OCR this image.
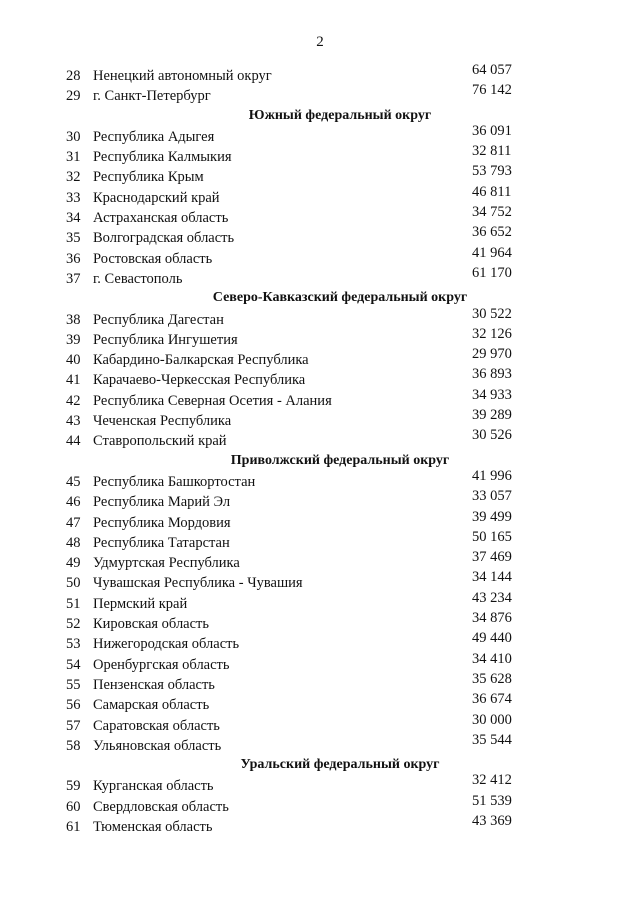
2
28 Ненецкий автономный округ	64 057
29 г. Санкт-Петербург	76 142
Южный федеральный округ
30 Республика Адыгея	36 091
31 Республика Калмыкия	32 811
32 Республика Крым	53 793
33 Краснодарский край	46 811
34 Астраханская область	34 752
35 Волгоградская область	36 652
36 Ростовская область	41 964
37 г. Севастополь	61 170
Северо-Кавказский федеральный округ
38 Республика Дагестан	30 522
39 Республика Ингушетия	32 126
40 Кабардино-Балкарская Республика	29 970
41 Карачаево-Черкесская Республика	36 893
42 Республика Северная Осетия - Алания	34 933
43 Чеченская Республика	39 289
44 Ставропольский край	30 526
Приволжский федеральный округ
45 Республика Башкортостан	41 996
46 Республика Марий Эл	33 057
47 Республика Мордовия	39 499
48 Республика Татарстан	50 165
49 Удмуртская Республика	37 469
50 Чувашская Республика - Чувашия	34 144
51 Пермский край	43 234
52 Кировская область	34 876
53 Нижегородская область	49 440
54 Оренбургская область	34 410
55 Пензенская область	35 628
56 Самарская область	36 674
57 Саратовская область	30 000
58 Ульяновская область	35 544
Уральский федеральный округ
59 Курганская область	32 412
60 Свердловская область	51 539
61 Тюменская область	43 369
